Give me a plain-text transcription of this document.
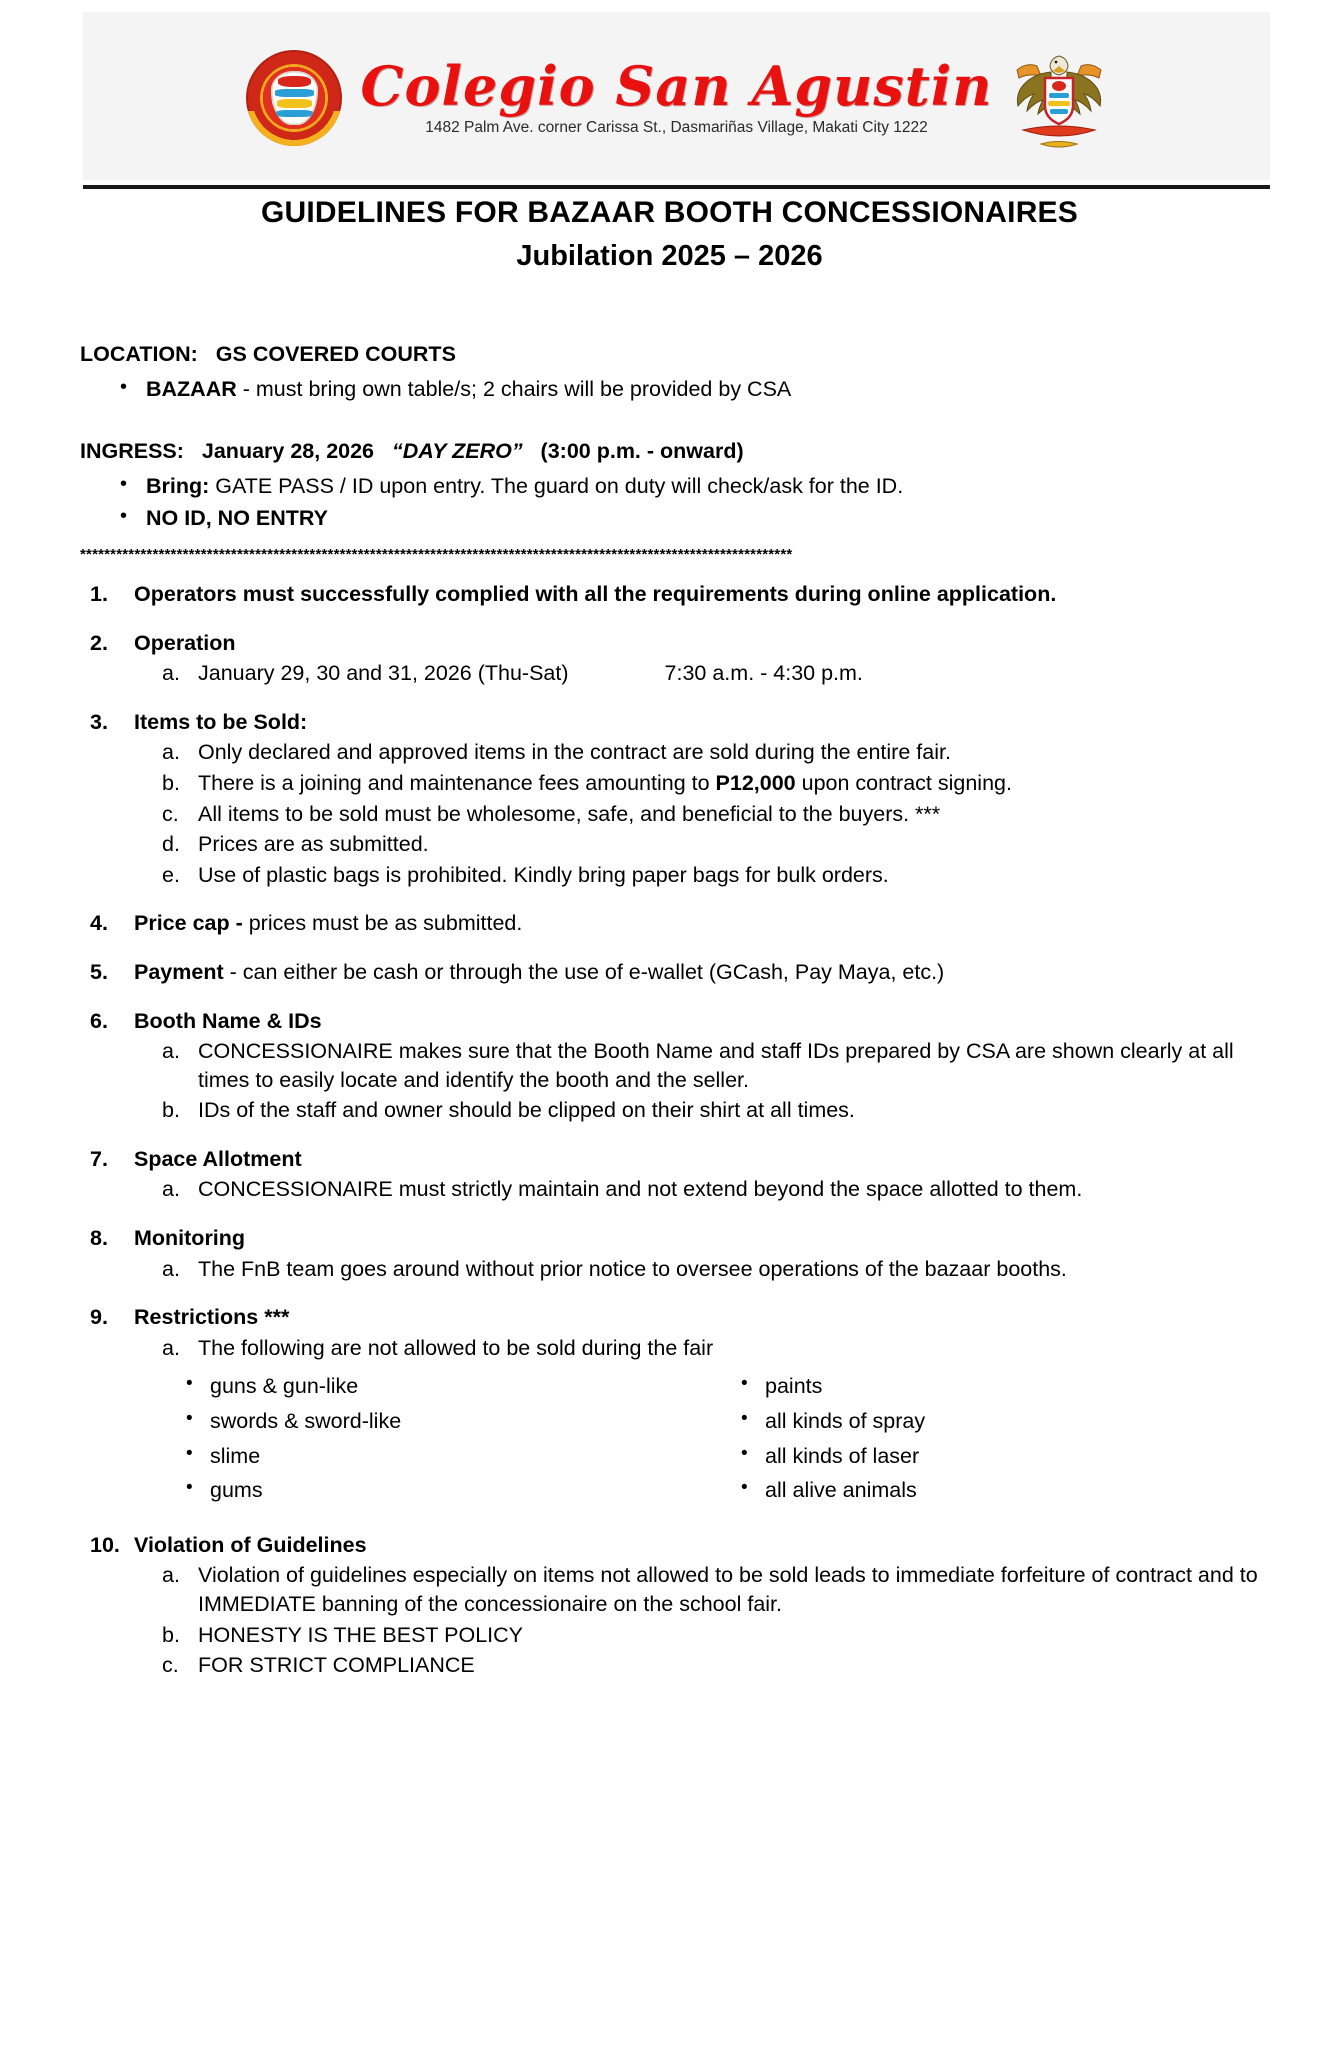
Colegio San Agustin
1482 Palm Ave. corner Carissa St., Dasmariñas Village, Makati City 1222
GUIDELINES FOR BAZAAR BOOTH CONCESSIONAIRES
Jubilation 2025 – 2026
LOCATION: GS COVERED COURTS
• BAZAAR - must bring own table/s; 2 chairs will be provided by CSA
INGRESS: January 28, 2026 “DAY ZERO” (3:00 p.m. - onward)
• Bring: GATE PASS / ID upon entry. The guard on duty will check/ask for the ID.
• NO ID, NO ENTRY
**********************************************************************************************************************
1.	Operators must successfully complied with all the requirements during online application.
2.	Operation
a. January 29, 30 and 31, 2026 (Thu-Sat)	7:30 a.m. - 4:30 p.m.
3.	Items to be Sold:
a. Only declared and approved items in the contract are sold during the entire fair.
b. There is a joining and maintenance fees amounting to P12,000 upon contract signing.
c. All items to be sold must be wholesome, safe, and beneficial to the buyers. ***
d. Prices are as submitted.
e. Use of plastic bags is prohibited. Kindly bring paper bags for bulk orders.
4.	Price cap - prices must be as submitted.
5.	Payment - can either be cash or through the use of e-wallet (GCash, Pay Maya, etc.)
6.	Booth Name & IDs
a. CONCESSIONAIRE makes sure that the Booth Name and staff IDs prepared by CSA are shown clearly at all times to easily locate and identify the booth and the seller.
b. IDs of the staff and owner should be clipped on their shirt at all times.
7.	Space Allotment
a. CONCESSIONAIRE must strictly maintain and not extend beyond the space allotted to them.
8.	Monitoring
a. The FnB team goes around without prior notice to oversee operations of the bazaar booths.
9.	Restrictions ***
a. The following are not allowed to be sold during the fair
• guns & gun-like
• swords & sword-like
• slime
• gums
• paints
• all kinds of spray
• all kinds of laser
• all alive animals
10. Violation of Guidelines
a. Violation of guidelines especially on items not allowed to be sold leads to immediate forfeiture of contract and to IMMEDIATE banning of the concessionaire on the school fair.
b. HONESTY IS THE BEST POLICY
c. FOR STRICT COMPLIANCE
